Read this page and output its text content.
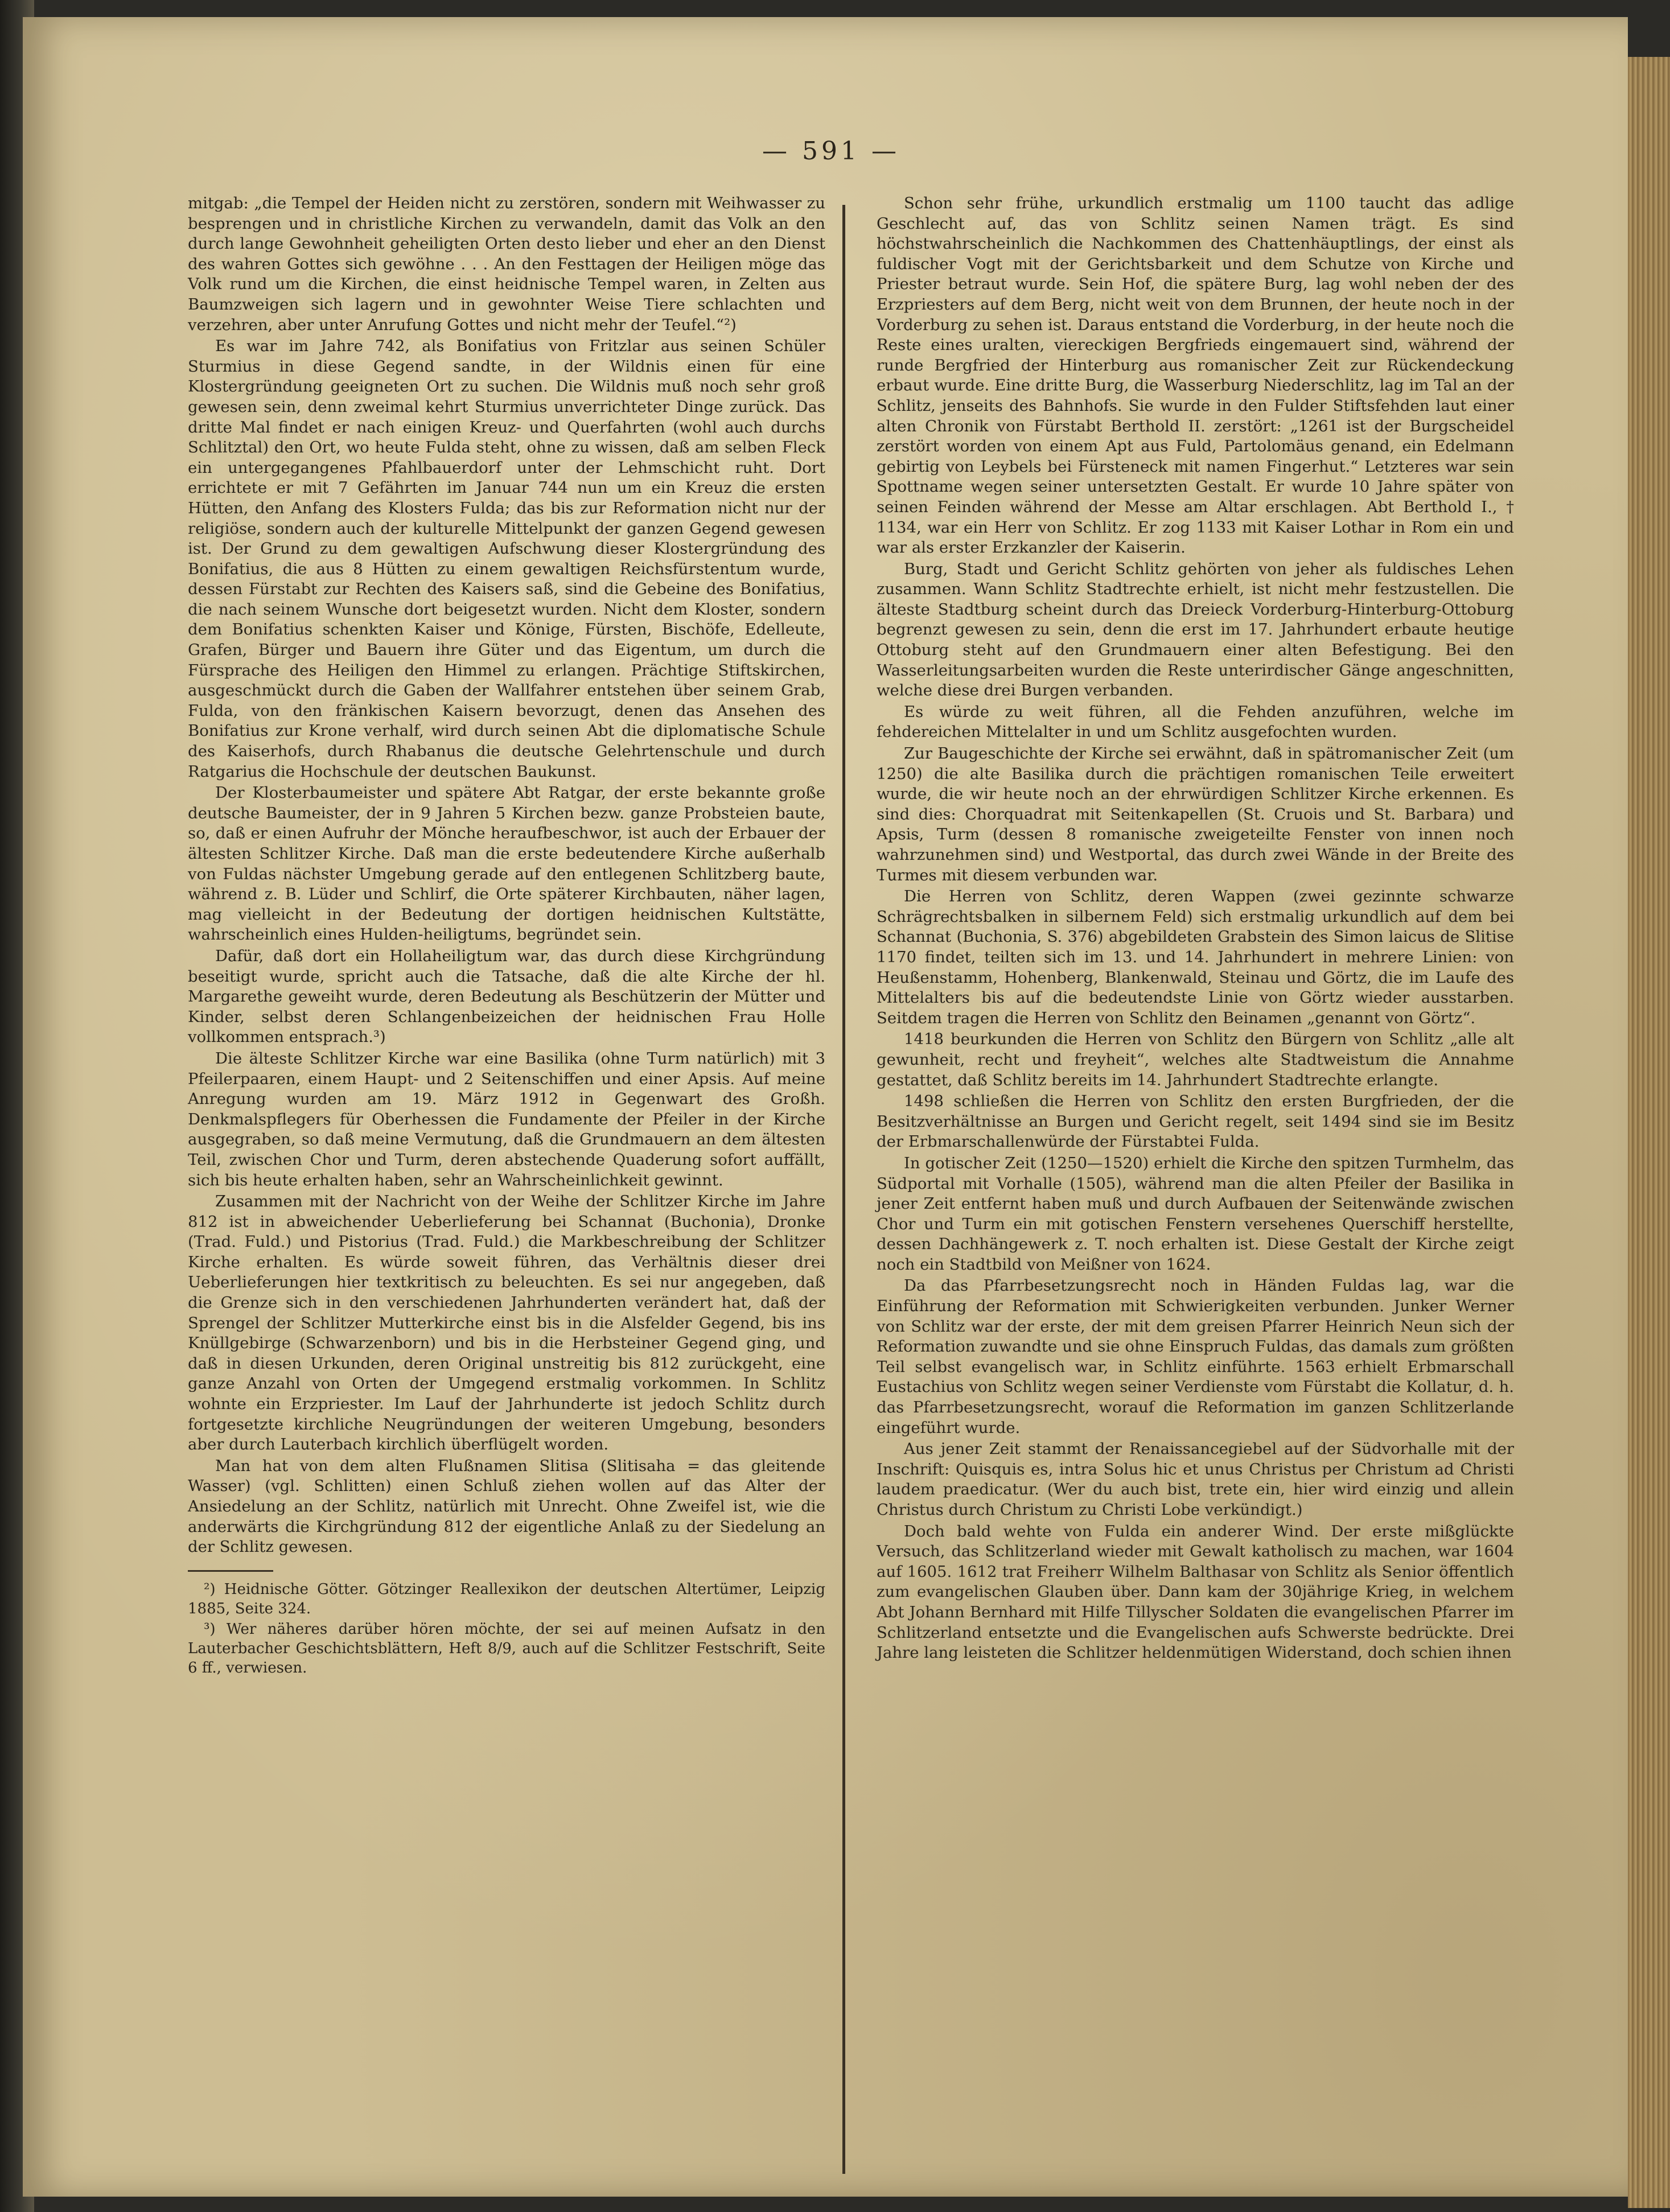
— 591 —

mitgab: „die Tempel der Heiden nicht zu zerstören, sondern mit Weihwasser zu besprengen und in christliche Kirchen zu verwandeln, damit das Volk an den durch lange Gewohnheit geheiligten Orten desto lieber und eher an den Dienst des wahren Gottes sich gewöhne . . . An den Festtagen der Heiligen möge das Volk rund um die Kirchen, die einst heidnische Tempel waren, in Zelten aus Baumzweigen sich lagern und in gewohnter Weise Tiere schlachten und verzehren, aber unter Anrufung Gottes und nicht mehr der Teufel.“²)

Es war im Jahre 742, als Bonifatius von Fritzlar aus seinen Schüler Sturmius in diese Gegend sandte, in der Wildnis einen für eine Klostergründung geeigneten Ort zu suchen. Die Wildnis muß noch sehr groß gewesen sein, denn zweimal kehrt Sturmius unverrichteter Dinge zurück. Das dritte Mal findet er nach einigen Kreuz- und Querfahrten (wohl auch durchs Schlitztal) den Ort, wo heute Fulda steht, ohne zu wissen, daß am selben Fleck ein untergegangenes Pfahlbauerdorf unter der Lehmschicht ruht. Dort errichtete er mit 7 Gefährten im Januar 744 nun um ein Kreuz die ersten Hütten, den Anfang des Klosters Fulda; das bis zur Reformation nicht nur der religiöse, sondern auch der kulturelle Mittelpunkt der ganzen Gegend gewesen ist. Der Grund zu dem gewaltigen Aufschwung dieser Klostergründung des Bonifatius, die aus 8 Hütten zu einem gewaltigen Reichsfürstentum wurde, dessen Fürstabt zur Rechten des Kaisers saß, sind die Gebeine des Bonifatius, die nach seinem Wunsche dort beigesetzt wurden. Nicht dem Kloster, sondern dem Bonifatius schenkten Kaiser und Könige, Fürsten, Bischöfe, Edelleute, Grafen, Bürger und Bauern ihre Güter und das Eigentum, um durch die Fürsprache des Heiligen den Himmel zu erlangen. Prächtige Stiftskirchen, ausgeschmückt durch die Gaben der Wallfahrer entstehen über seinem Grab, Fulda, von den fränkischen Kaisern bevorzugt, denen das Ansehen des Bonifatius zur Krone verhalf, wird durch seinen Abt die diplomatische Schule des Kaiserhofs, durch Rhabanus die deutsche Gelehrtenschule und durch Ratgarius die Hochschule der deutschen Baukunst.

Der Klosterbaumeister und spätere Abt Ratgar, der erste bekannte große deutsche Baumeister, der in 9 Jahren 5 Kirchen bezw. ganze Probsteien baute, so, daß er einen Aufruhr der Mönche heraufbeschwor, ist auch der Erbauer der ältesten Schlitzer Kirche. Daß man die erste bedeutendere Kirche außerhalb von Fuldas nächster Umgebung gerade auf den entlegenen Schlitzberg baute, während z. B. Lüder und Schlirf, die Orte späterer Kirchbauten, näher lagen, mag vielleicht in der Bedeutung der dortigen heidnischen Kultstätte, wahrscheinlich eines Hulden-heiligtums, begründet sein.

Dafür, daß dort ein Hollaheiligtum war, das durch diese Kirchgründung beseitigt wurde, spricht auch die Tatsache, daß die alte Kirche der hl. Margarethe geweiht wurde, deren Bedeutung als Beschützerin der Mütter und Kinder, selbst deren Schlangenbeizeichen der heidnischen Frau Holle vollkommen entsprach.³)

Die älteste Schlitzer Kirche war eine Basilika (ohne Turm natürlich) mit 3 Pfeilerpaaren, einem Haupt- und 2 Seitenschiffen und einer Apsis. Auf meine Anregung wurden am 19. März 1912 in Gegenwart des Großh. Denkmalspflegers für Oberhessen die Fundamente der Pfeiler in der Kirche ausgegraben, so daß meine Vermutung, daß die Grundmauern an dem ältesten Teil, zwischen Chor und Turm, deren abstechende Quaderung sofort auffällt, sich bis heute erhalten haben, sehr an Wahrscheinlichkeit gewinnt.

Zusammen mit der Nachricht von der Weihe der Schlitzer Kirche im Jahre 812 ist in abweichender Ueberlieferung bei Schannat (Buchonia), Dronke (Trad. Fuld.) und Pistorius (Trad. Fuld.) die Markbeschreibung der Schlitzer Kirche erhalten. Es würde soweit führen, das Verhältnis dieser drei Ueberlieferungen hier textkritisch zu beleuchten. Es sei nur angegeben, daß die Grenze sich in den verschiedenen Jahrhunderten verändert hat, daß der Sprengel der Schlitzer Mutterkirche einst bis in die Alsfelder Gegend, bis ins Knüllgebirge (Schwarzenborn) und bis in die Herbsteiner Gegend ging, und daß in diesen Urkunden, deren Original unstreitig bis 812 zurückgeht, eine ganze Anzahl von Orten der Umgegend erstmalig vorkommen. In Schlitz wohnte ein Erzpriester. Im Lauf der Jahrhunderte ist jedoch Schlitz durch fortgesetzte kirchliche Neugründungen der weiteren Umgebung, besonders aber durch Lauterbach kirchlich überflügelt worden.

Man hat von dem alten Flußnamen Slitisa (Slitisaha = das gleitende Wasser) (vgl. Schlitten) einen Schluß ziehen wollen auf das Alter der Ansiedelung an der Schlitz, natürlich mit Unrecht. Ohne Zweifel ist, wie die anderwärts die Kirchgründung 812 der eigentliche Anlaß zu der Siedelung an der Schlitz gewesen.

²) Heidnische Götter. Götzinger Reallexikon der deutschen Altertümer, Leipzig 1885, Seite 324.

³) Wer näheres darüber hören möchte, der sei auf meinen Aufsatz in den Lauterbacher Geschichtsblättern, Heft 8/9, auch auf die Schlitzer Festschrift, Seite 6 ff., verwiesen.

Schon sehr frühe, urkundlich erstmalig um 1100 taucht das adlige Geschlecht auf, das von Schlitz seinen Namen trägt. Es sind höchstwahrscheinlich die Nachkommen des Chattenhäuptlings, der einst als fuldischer Vogt mit der Gerichtsbarkeit und dem Schutze von Kirche und Priester betraut wurde. Sein Hof, die spätere Burg, lag wohl neben der des Erzpriesters auf dem Berg, nicht weit von dem Brunnen, der heute noch in der Vorderburg zu sehen ist. Daraus entstand die Vorderburg, in der heute noch die Reste eines uralten, viereckigen Bergfrieds eingemauert sind, während der runde Bergfried der Hinterburg aus romanischer Zeit zur Rückendeckung erbaut wurde. Eine dritte Burg, die Wasserburg Niederschlitz, lag im Tal an der Schlitz, jenseits des Bahnhofs. Sie wurde in den Fulder Stiftsfehden laut einer alten Chronik von Fürstabt Berthold II. zerstört: „1261 ist der Burgscheidel zerstört worden von einem Apt aus Fuld, Partolomäus genand, ein Edelmann gebirtig von Leybels bei Fürsteneck mit namen Fingerhut.“ Letzteres war sein Spottname wegen seiner untersetzten Gestalt. Er wurde 10 Jahre später von seinen Feinden während der Messe am Altar erschlagen. Abt Berthold I., † 1134, war ein Herr von Schlitz. Er zog 1133 mit Kaiser Lothar in Rom ein und war als erster Erzkanzler der Kaiserin.

Burg, Stadt und Gericht Schlitz gehörten von jeher als fuldisches Lehen zusammen. Wann Schlitz Stadtrechte erhielt, ist nicht mehr festzustellen. Die älteste Stadtburg scheint durch das Dreieck Vorderburg-Hinterburg-Ottoburg begrenzt gewesen zu sein, denn die erst im 17. Jahrhundert erbaute heutige Ottoburg steht auf den Grundmauern einer alten Befestigung. Bei den Wasserleitungsarbeiten wurden die Reste unterirdischer Gänge angeschnitten, welche diese drei Burgen verbanden.

Es würde zu weit führen, all die Fehden anzuführen, welche im fehdereichen Mittelalter in und um Schlitz ausgefochten wurden.

Zur Baugeschichte der Kirche sei erwähnt, daß in spätromanischer Zeit (um 1250) die alte Basilika durch die prächtigen romanischen Teile erweitert wurde, die wir heute noch an der ehrwürdigen Schlitzer Kirche erkennen. Es sind dies: Chorquadrat mit Seitenkapellen (St. Cruois und St. Barbara) und Apsis, Turm (dessen 8 romanische zweigeteilte Fenster von innen noch wahrzunehmen sind) und Westportal, das durch zwei Wände in der Breite des Turmes mit diesem verbunden war.

Die Herren von Schlitz, deren Wappen (zwei gezinnte schwarze Schrägrechtsbalken in silbernem Feld) sich erstmalig urkundlich auf dem bei Schannat (Buchonia, S. 376) abgebildeten Grabstein des Simon laicus de Slitise 1170 findet, teilten sich im 13. und 14. Jahrhundert in mehrere Linien: von Heußenstamm, Hohenberg, Blankenwald, Steinau und Görtz, die im Laufe des Mittelalters bis auf die bedeutendste Linie von Görtz wieder ausstarben. Seitdem tragen die Herren von Schlitz den Beinamen „genannt von Görtz“.

1418 beurkunden die Herren von Schlitz den Bürgern von Schlitz „alle alt gewunheit, recht und freyheit“, welches alte Stadtweistum die Annahme gestattet, daß Schlitz bereits im 14. Jahrhundert Stadtrechte erlangte.

1498 schließen die Herren von Schlitz den ersten Burgfrieden, der die Besitzverhältnisse an Burgen und Gericht regelt, seit 1494 sind sie im Besitz der Erbmarschallenwürde der Fürstabtei Fulda.

In gotischer Zeit (1250—1520) erhielt die Kirche den spitzen Turmhelm, das Südportal mit Vorhalle (1505), während man die alten Pfeiler der Basilika in jener Zeit entfernt haben muß und durch Aufbauen der Seitenwände zwischen Chor und Turm ein mit gotischen Fenstern versehenes Querschiff herstellte, dessen Dachhängewerk z. T. noch erhalten ist. Diese Gestalt der Kirche zeigt noch ein Stadtbild von Meißner von 1624.

Da das Pfarrbesetzungsrecht noch in Händen Fuldas lag, war die Einführung der Reformation mit Schwierigkeiten verbunden. Junker Werner von Schlitz war der erste, der mit dem greisen Pfarrer Heinrich Neun sich der Reformation zuwandte und sie ohne Einspruch Fuldas, das damals zum größten Teil selbst evangelisch war, in Schlitz einführte. 1563 erhielt Erbmarschall Eustachius von Schlitz wegen seiner Verdienste vom Fürstabt die Kollatur, d. h. das Pfarrbesetzungsrecht, worauf die Reformation im ganzen Schlitzerlande eingeführt wurde.

Aus jener Zeit stammt der Renaissancegiebel auf der Südvorhalle mit der Inschrift: Quisquis es, intra Solus hic et unus Christus per Christum ad Christi laudem praedicatur. (Wer du auch bist, trete ein, hier wird einzig und allein Christus durch Christum zu Christi Lobe verkündigt.)

Doch bald wehte von Fulda ein anderer Wind. Der erste mißglückte Versuch, das Schlitzerland wieder mit Gewalt katholisch zu machen, war 1604 auf 1605. 1612 trat Freiherr Wilhelm Balthasar von Schlitz als Senior öffentlich zum evangelischen Glauben über. Dann kam der 30jährige Krieg, in welchem Abt Johann Bernhard mit Hilfe Tillyscher Soldaten die evangelischen Pfarrer im Schlitzerland entsetzte und die Evangelischen aufs Schwerste bedrückte. Drei Jahre lang leisteten die Schlitzer heldenmütigen Widerstand, doch schien ihnen
